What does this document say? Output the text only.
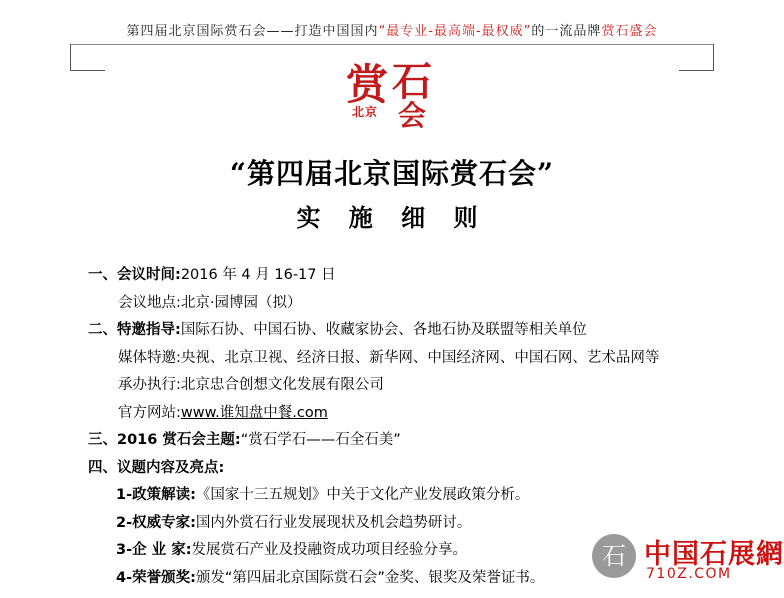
第四届北京国际赏石会——打造中国国内“最专业-最高端-最权威”的一流品牌赏石盛会
赏 石
会
北京
“第四届北京国际赏石会”
实 施 细 则
一、会议时间:2016 年 4 月 16-17 日
会议地点:北京·园博园（拟）
二、特邀指导:国际石协、中国石协、收藏家协会、各地石协及联盟等相关单位
媒体特邀:央视、北京卫视、经济日报、新华网、中国经济网、中国石网、艺术品网等
承办执行:北京忠合创想文化发展有限公司
官方网站:www.谁知盘中餐.com
三、2016 赏石会主题:“赏石学石——石全石美”
四、议题内容及亮点:
1-政策解读:《国家十三五规划》中关于文化产业发展政策分析。
2-权威专家:国内外赏石行业发展现状及机会趋势研讨。
3-企 业 家:发展赏石产业及投融资成功项目经验分享。
4-荣誉颁奖:颁发“第四届北京国际赏石会”金奖、银奖及荣誉证书。
石 中国石展網
710Z.COM
